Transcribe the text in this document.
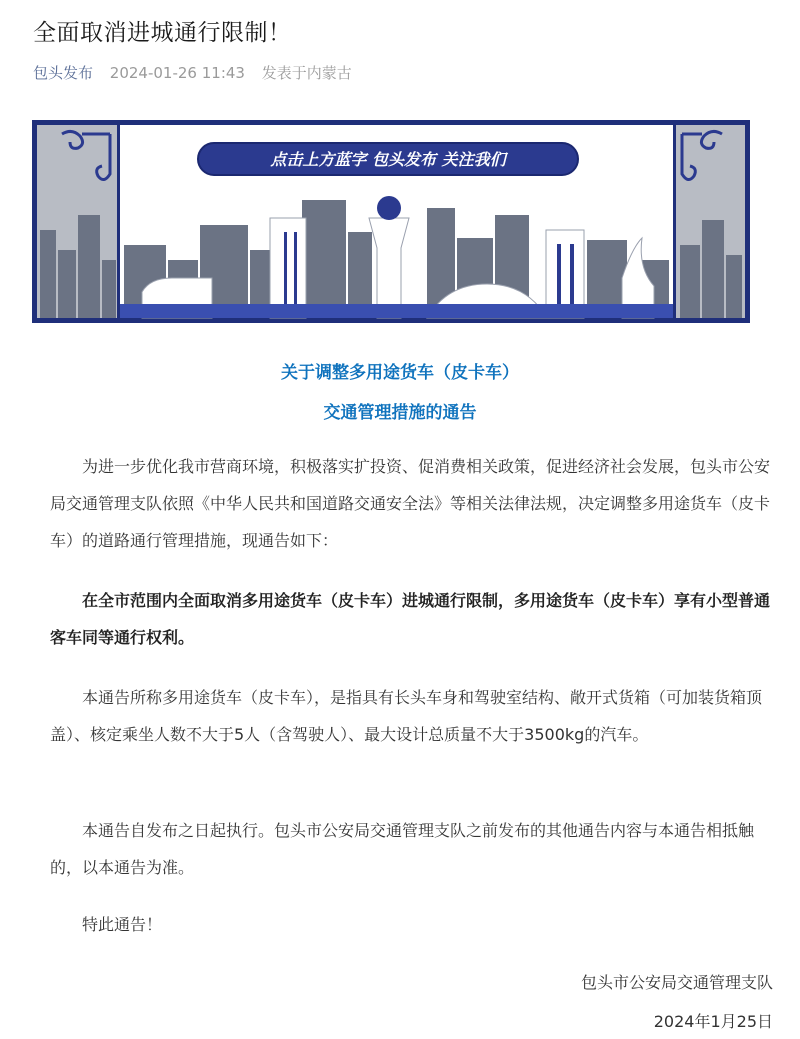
全面取消进城通行限制！
包头发布 2024-01-26 11:43 发表于内蒙古
点击上方蓝字 包头发布 关注我们
关于调整多用途货车（皮卡车）
交通管理措施的通告

为进一步优化我市营商环境，积极落实扩投资、促消费相关政策，促进经济社会发展，包头市公安局交通管理支队依照《中华人民共和国道路交通安全法》等相关法律法规，决定调整多用途货车（皮卡车）的道路通行管理措施，现通告如下：

在全市范围内全面取消多用途货车（皮卡车）进城通行限制，多用途货车（皮卡车）享有小型普通客车同等通行权利。

本通告所称多用途货车（皮卡车），是指具有长头车身和驾驶室结构、敞开式货箱（可加装货箱顶盖）、核定乘坐人数不大于5人（含驾驶人）、最大设计总质量不大于3500kg的汽车。

本通告自发布之日起执行。包头市公安局交通管理支队之前发布的其他通告内容与本通告相抵触的，以本通告为准。

特此通告！

包头市公安局交通管理支队
2024年1月25日
